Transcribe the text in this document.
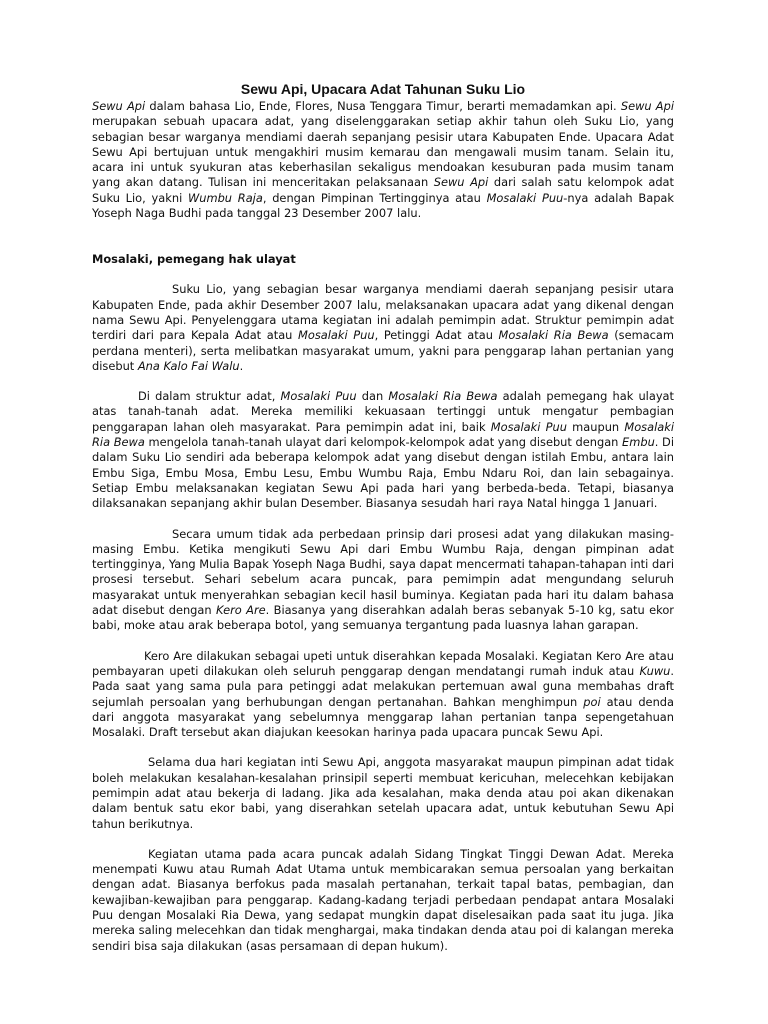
Sewu Api, Upacara Adat Tahunan Suku Lio

Sewu Api dalam bahasa Lio, Ende, Flores, Nusa Tenggara Timur, berarti memadamkan api. Sewu Api merupakan sebuah upacara adat, yang diselenggarakan setiap akhir tahun oleh Suku Lio, yang sebagian besar warganya mendiami daerah sepanjang pesisir utara Kabupaten Ende. Upacara Adat Sewu Api bertujuan untuk mengakhiri musim kemarau dan mengawali musim tanam. Selain itu, acara ini untuk syukuran atas keberhasilan sekaligus mendoakan kesuburan pada musim tanam yang akan datang. Tulisan ini menceritakan pelaksanaan Sewu Api dari salah satu kelompok adat Suku Lio, yakni Wumbu Raja, dengan Pimpinan Tertingginya atau Mosalaki Puu-nya adalah Bapak Yoseph Naga Budhi pada tanggal 23 Desember 2007 lalu.

Mosalaki, pemegang hak ulayat

Suku Lio, yang sebagian besar warganya mendiami daerah sepanjang pesisir utara Kabupaten Ende, pada akhir Desember 2007 lalu, melaksanakan upacara adat yang dikenal dengan nama Sewu Api. Penyelenggara utama kegiatan ini adalah pemimpin adat. Struktur pemimpin adat terdiri dari para Kepala Adat atau Mosalaki Puu, Petinggi Adat atau Mosalaki Ria Bewa (semacam perdana menteri), serta melibatkan masyarakat umum, yakni para penggarap lahan pertanian yang disebut Ana Kalo Fai Walu.

Di dalam struktur adat, Mosalaki Puu dan Mosalaki Ria Bewa adalah pemegang hak ulayat atas tanah-tanah adat. Mereka memiliki kekuasaan tertinggi untuk mengatur pembagian penggarapan lahan oleh masyarakat. Para pemimpin adat ini, baik Mosalaki Puu maupun Mosalaki Ria Bewa mengelola tanah-tanah ulayat dari kelompok-kelompok adat yang disebut dengan Embu. Di dalam Suku Lio sendiri ada beberapa kelompok adat yang disebut dengan istilah Embu, antara lain Embu Siga, Embu Mosa, Embu Lesu, Embu Wumbu Raja, Embu Ndaru Roi, dan lain sebagainya. Setiap Embu melaksanakan kegiatan Sewu Api pada hari yang berbeda-beda. Tetapi, biasanya dilaksanakan sepanjang akhir bulan Desember. Biasanya sesudah hari raya Natal hingga 1 Januari.

Secara umum tidak ada perbedaan prinsip dari prosesi adat yang dilakukan masing-masing Embu. Ketika mengikuti Sewu Api dari Embu Wumbu Raja, dengan pimpinan adat tertingginya, Yang Mulia Bapak Yoseph Naga Budhi, saya dapat mencermati tahapan-tahapan inti dari prosesi tersebut. Sehari sebelum acara puncak, para pemimpin adat mengundang seluruh masyarakat untuk menyerahkan sebagian kecil hasil buminya. Kegiatan pada hari itu dalam bahasa adat disebut dengan Kero Are. Biasanya yang diserahkan adalah beras sebanyak 5-10 kg, satu ekor babi, moke atau arak beberapa botol, yang semuanya tergantung pada luasnya lahan garapan.

Kero Are dilakukan sebagai upeti untuk diserahkan kepada Mosalaki. Kegiatan Kero Are atau pembayaran upeti dilakukan oleh seluruh penggarap dengan mendatangi rumah induk atau Kuwu. Pada saat yang sama pula para petinggi adat melakukan pertemuan awal guna membahas draft sejumlah persoalan yang berhubungan dengan pertanahan. Bahkan menghimpun poi atau denda dari anggota masyarakat yang sebelumnya menggarap lahan pertanian tanpa sepengetahuan Mosalaki. Draft tersebut akan diajukan keesokan harinya pada upacara puncak Sewu Api.

Selama dua hari kegiatan inti Sewu Api, anggota masyarakat maupun pimpinan adat tidak boleh melakukan kesalahan-kesalahan prinsipil seperti membuat kericuhan, melecehkan kebijakan pemimpin adat atau bekerja di ladang. Jika ada kesalahan, maka denda atau poi akan dikenakan dalam bentuk satu ekor babi, yang diserahkan setelah upacara adat, untuk kebutuhan Sewu Api tahun berikutnya.

Kegiatan utama pada acara puncak adalah Sidang Tingkat Tinggi Dewan Adat. Mereka menempati Kuwu atau Rumah Adat Utama untuk membicarakan semua persoalan yang berkaitan dengan adat. Biasanya berfokus pada masalah pertanahan, terkait tapal batas, pembagian, dan kewajiban-kewajiban para penggarap. Kadang-kadang terjadi perbedaan pendapat antara Mosalaki Puu dengan Mosalaki Ria Dewa, yang sedapat mungkin dapat diselesaikan pada saat itu juga. Jika mereka saling melecehkan dan tidak menghargai, maka tindakan denda atau poi di kalangan mereka sendiri bisa saja dilakukan (asas persamaan di depan hukum).
